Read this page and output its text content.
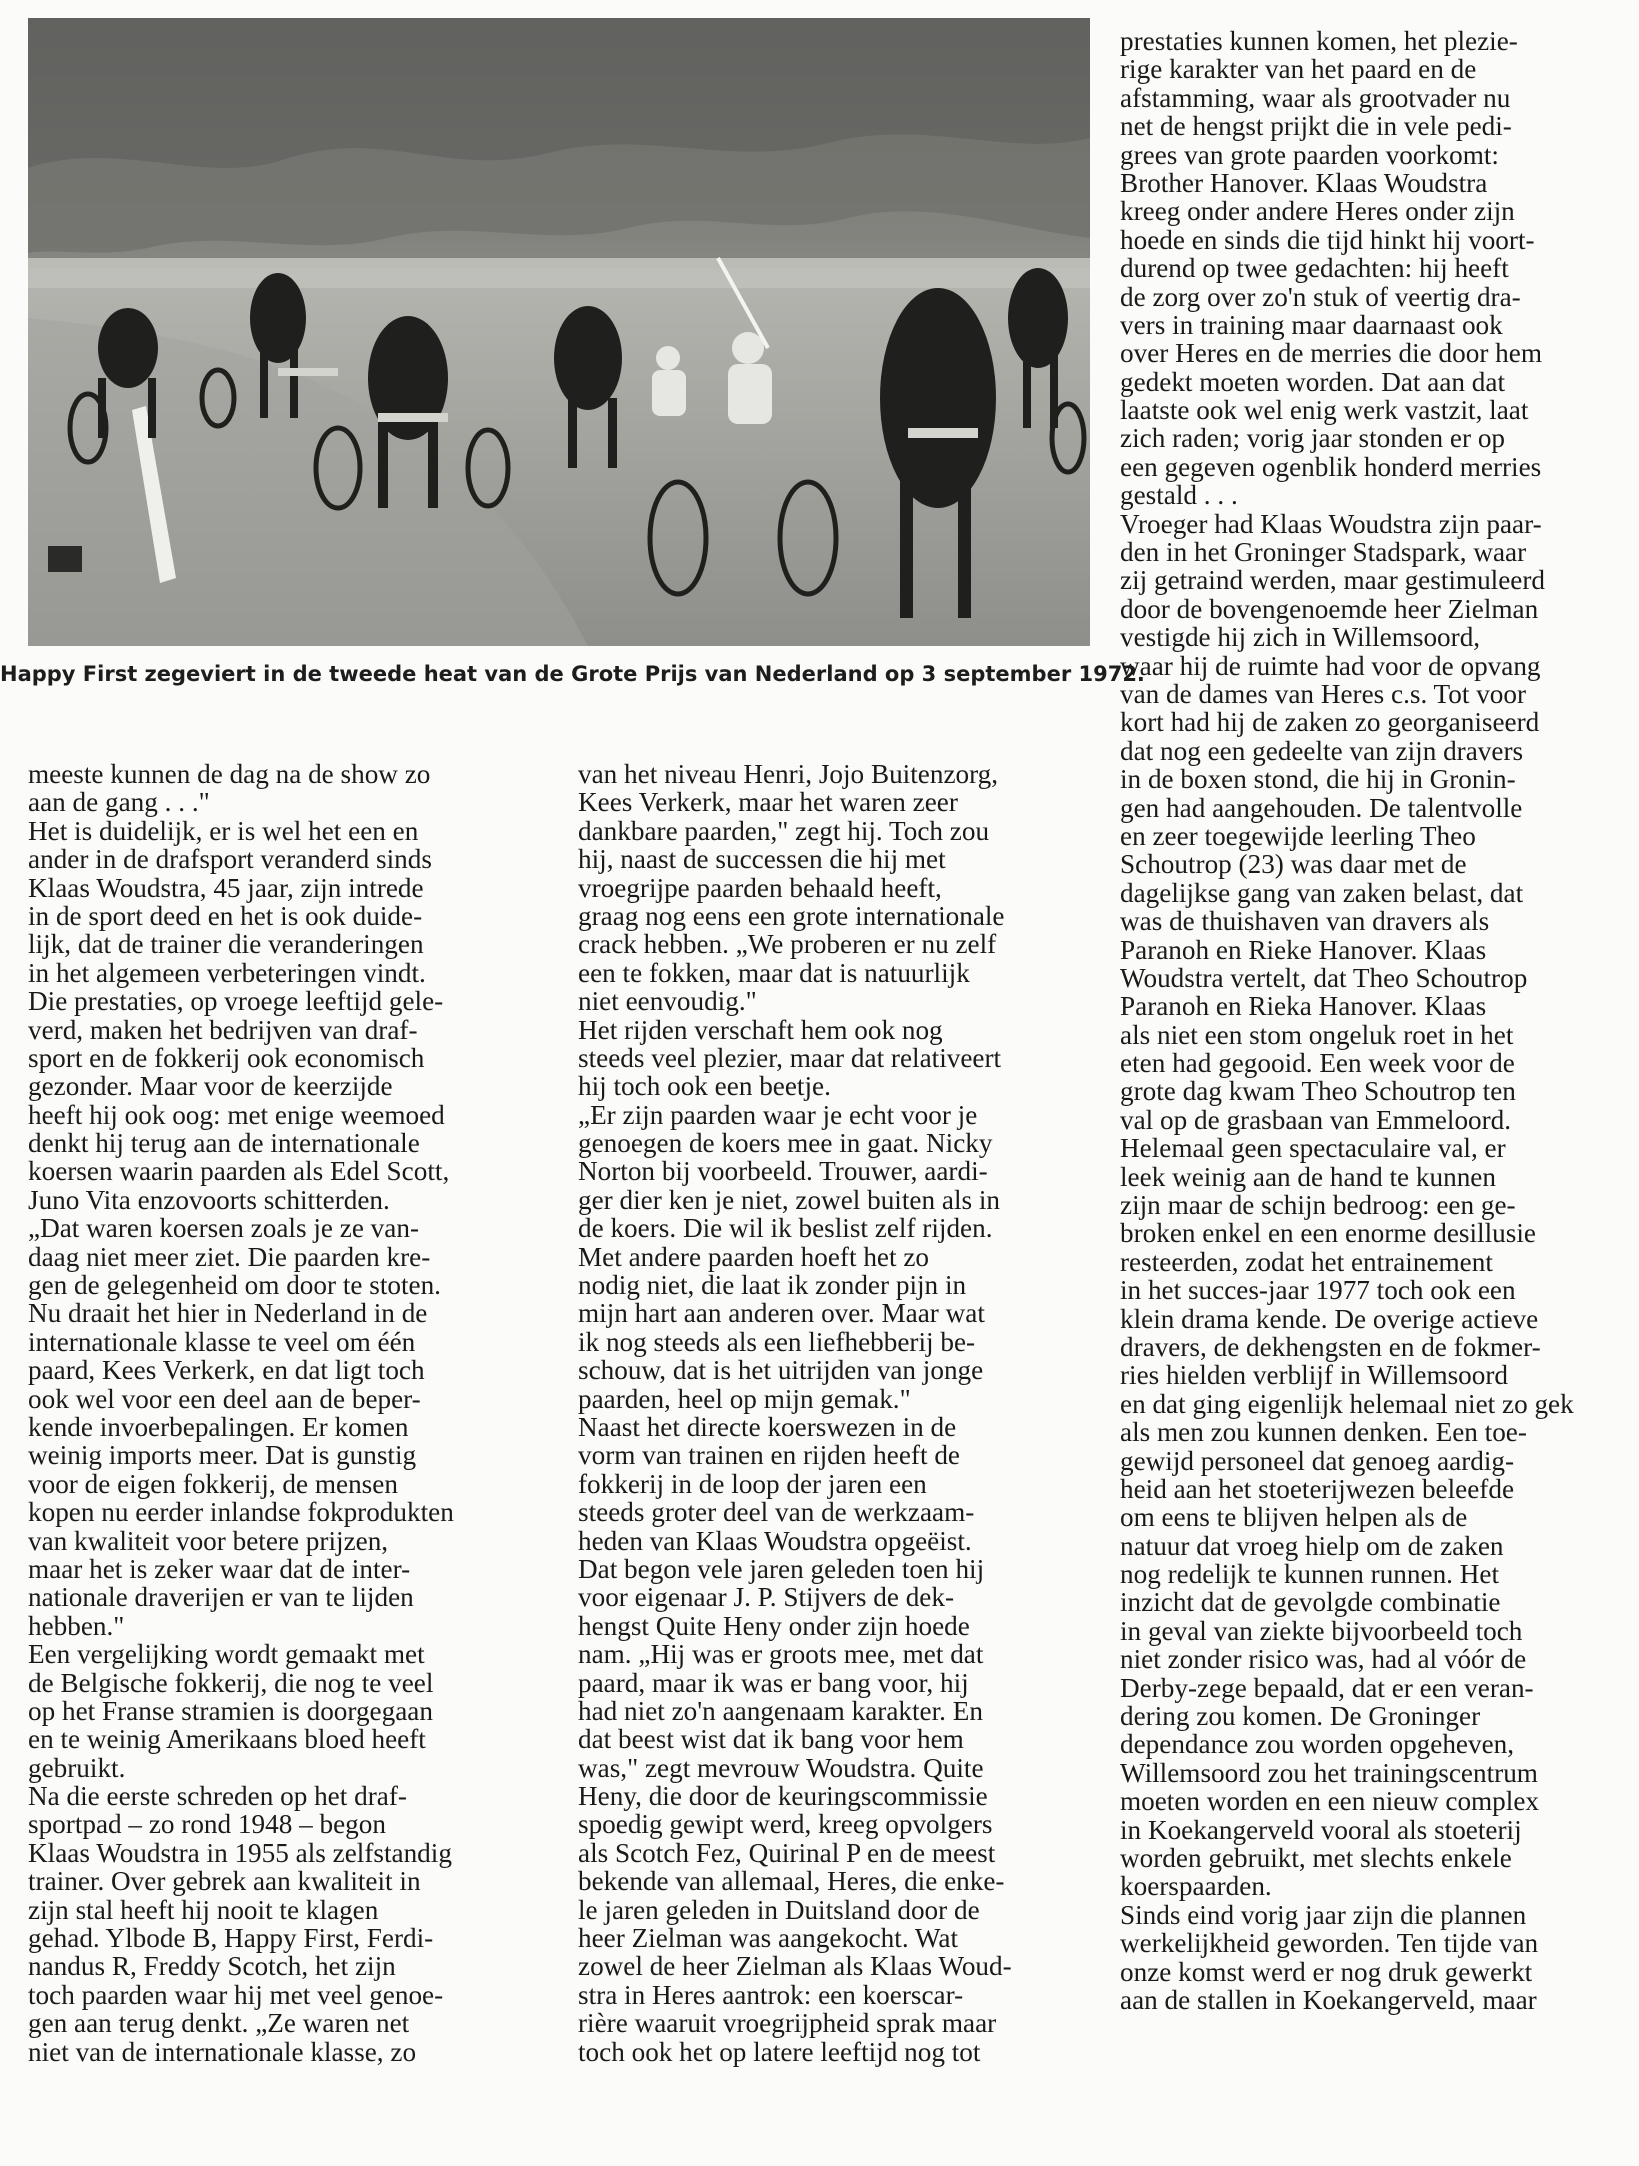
Happy First zegeviert in de tweede heat van de Grote Prijs van Nederland op 3 september 1972.
meeste kunnen de dag na de show zo
aan de gang . . ."
Het is duidelijk, er is wel het een en
ander in de drafsport veranderd sinds
Klaas Woudstra, 45 jaar, zijn intrede
in de sport deed en het is ook duide-
lijk, dat de trainer die veranderingen
in het algemeen verbeteringen vindt.
Die prestaties, op vroege leeftijd gele-
verd, maken het bedrijven van draf-
sport en de fokkerij ook economisch
gezonder. Maar voor de keerzijde
heeft hij ook oog: met enige weemoed
denkt hij terug aan de internationale
koersen waarin paarden als Edel Scott,
Juno Vita enzovoorts schitterden.
„Dat waren koersen zoals je ze van-
daag niet meer ziet. Die paarden kre-
gen de gelegenheid om door te stoten.
Nu draait het hier in Nederland in de
internationale klasse te veel om één
paard, Kees Verkerk, en dat ligt toch
ook wel voor een deel aan de beper-
kende invoerbepalingen. Er komen
weinig imports meer. Dat is gunstig
voor de eigen fokkerij, de mensen
kopen nu eerder inlandse fokprodukten
van kwaliteit voor betere prijzen,
maar het is zeker waar dat de inter-
nationale draverijen er van te lijden
hebben."
Een vergelijking wordt gemaakt met
de Belgische fokkerij, die nog te veel
op het Franse stramien is doorgegaan
en te weinig Amerikaans bloed heeft
gebruikt.
Na die eerste schreden op het draf-
sportpad – zo rond 1948 – begon
Klaas Woudstra in 1955 als zelfstandig
trainer. Over gebrek aan kwaliteit in
zijn stal heeft hij nooit te klagen
gehad. Ylbode B, Happy First, Ferdi-
nandus R, Freddy Scotch, het zijn
toch paarden waar hij met veel genoe-
gen aan terug denkt. „Ze waren net
niet van de internationale klasse, zo
van het niveau Henri, Jojo Buitenzorg,
Kees Verkerk, maar het waren zeer
dankbare paarden," zegt hij. Toch zou
hij, naast de successen die hij met
vroegrijpe paarden behaald heeft,
graag nog eens een grote internationale
crack hebben. „We proberen er nu zelf
een te fokken, maar dat is natuurlijk
niet eenvoudig."
Het rijden verschaft hem ook nog
steeds veel plezier, maar dat relativeert
hij toch ook een beetje.
„Er zijn paarden waar je echt voor je
genoegen de koers mee in gaat. Nicky
Norton bij voorbeeld. Trouwer, aardi-
ger dier ken je niet, zowel buiten als in
de koers. Die wil ik beslist zelf rijden.
Met andere paarden hoeft het zo
nodig niet, die laat ik zonder pijn in
mijn hart aan anderen over. Maar wat
ik nog steeds als een liefhebberij be-
schouw, dat is het uitrijden van jonge
paarden, heel op mijn gemak."
Naast het directe koerswezen in de
vorm van trainen en rijden heeft de
fokkerij in de loop der jaren een
steeds groter deel van de werkzaam-
heden van Klaas Woudstra opgeëist.
Dat begon vele jaren geleden toen hij
voor eigenaar J. P. Stijvers de dek-
hengst Quite Heny onder zijn hoede
nam. „Hij was er groots mee, met dat
paard, maar ik was er bang voor, hij
had niet zo'n aangenaam karakter. En
dat beest wist dat ik bang voor hem
was," zegt mevrouw Woudstra. Quite
Heny, die door de keuringscommissie
spoedig gewipt werd, kreeg opvolgers
als Scotch Fez, Quirinal P en de meest
bekende van allemaal, Heres, die enke-
le jaren geleden in Duitsland door de
heer Zielman was aangekocht. Wat
zowel de heer Zielman als Klaas Woud-
stra in Heres aantrok: een koerscar-
rière waaruit vroegrijpheid sprak maar
toch ook het op latere leeftijd nog tot
prestaties kunnen komen, het plezie-
rige karakter van het paard en de
afstamming, waar als grootvader nu
net de hengst prijkt die in vele pedi-
grees van grote paarden voorkomt:
Brother Hanover. Klaas Woudstra
kreeg onder andere Heres onder zijn
hoede en sinds die tijd hinkt hij voort-
durend op twee gedachten: hij heeft
de zorg over zo'n stuk of veertig dra-
vers in training maar daarnaast ook
over Heres en de merries die door hem
gedekt moeten worden. Dat aan dat
laatste ook wel enig werk vastzit, laat
zich raden; vorig jaar stonden er op
een gegeven ogenblik honderd merries
gestald . . .
Vroeger had Klaas Woudstra zijn paar-
den in het Groninger Stadspark, waar
zij getraind werden, maar gestimuleerd
door de bovengenoemde heer Zielman
vestigde hij zich in Willemsoord,
waar hij de ruimte had voor de opvang
van de dames van Heres c.s. Tot voor
kort had hij de zaken zo georganiseerd
dat nog een gedeelte van zijn dravers
in de boxen stond, die hij in Gronin-
gen had aangehouden. De talentvolle
en zeer toegewijde leerling Theo
Schoutrop (23) was daar met de
dagelijkse gang van zaken belast, dat
was de thuishaven van dravers als
Paranoh en Rieke Hanover. Klaas
Woudstra vertelt, dat Theo Schoutrop
Paranoh en Rieka Hanover. Klaas
als niet een stom ongeluk roet in het
eten had gegooid. Een week voor de
grote dag kwam Theo Schoutrop ten
val op de grasbaan van Emmeloord.
Helemaal geen spectaculaire val, er
leek weinig aan de hand te kunnen
zijn maar de schijn bedroog: een ge-
broken enkel en een enorme desillusie
resteerden, zodat het entrainement
in het succes-jaar 1977 toch ook een
klein drama kende. De overige actieve
dravers, de dekhengsten en de fokmer-
ries hielden verblijf in Willemsoord
en dat ging eigenlijk helemaal niet zo gek
als men zou kunnen denken. Een toe-
gewijd personeel dat genoeg aardig-
heid aan het stoeterijwezen beleefde
om eens te blijven helpen als de
natuur dat vroeg hielp om de zaken
nog redelijk te kunnen runnen. Het
inzicht dat de gevolgde combinatie
in geval van ziekte bijvoorbeeld toch
niet zonder risico was, had al vóór de
Derby-zege bepaald, dat er een veran-
dering zou komen. De Groninger
dependance zou worden opgeheven,
Willemsoord zou het trainingscentrum
moeten worden en een nieuw complex
in Koekangerveld vooral als stoeterij
worden gebruikt, met slechts enkele
koerspaarden.
Sinds eind vorig jaar zijn die plannen
werkelijkheid geworden. Ten tijde van
onze komst werd er nog druk gewerkt
aan de stallen in Koekangerveld, maar
